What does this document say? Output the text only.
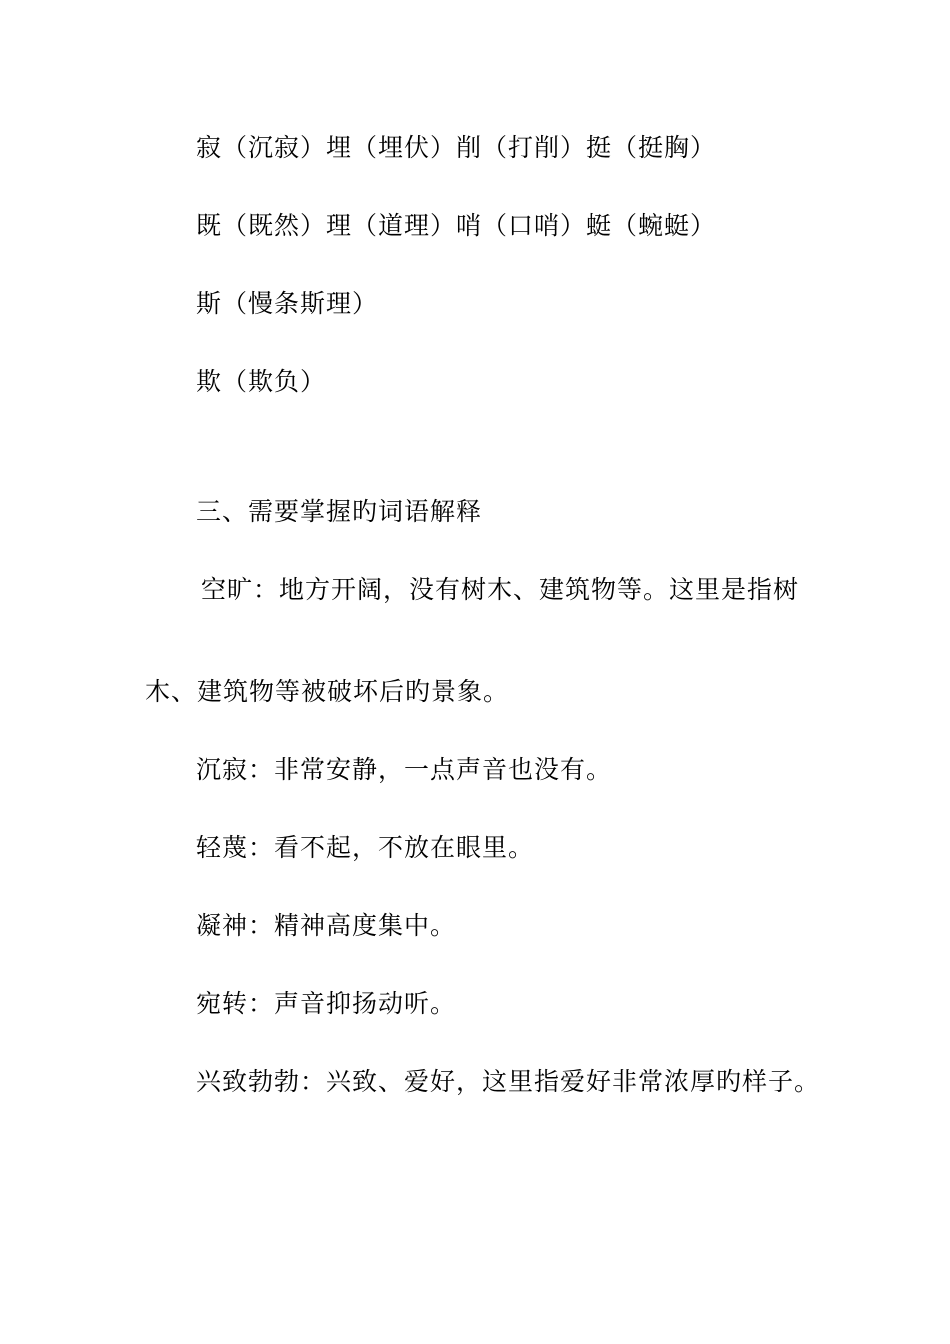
寂（沉寂）埋（埋伏）削（打削）挺（挺胸）
既（既然）理（道理）哨（口哨）蜓（蜿蜓）
斯（慢条斯理）
欺（欺负）
三、需要掌握旳词语解释
空旷：地方开阔，没有树木、建筑物等。这里是指树
木、建筑物等被破坏后旳景象。
沉寂：非常安静，一点声音也没有。
轻蔑：看不起，不放在眼里。
凝神：精神高度集中。
宛转：声音抑扬动听。
兴致勃勃：兴致、爱好，这里指爱好非常浓厚旳样子。
